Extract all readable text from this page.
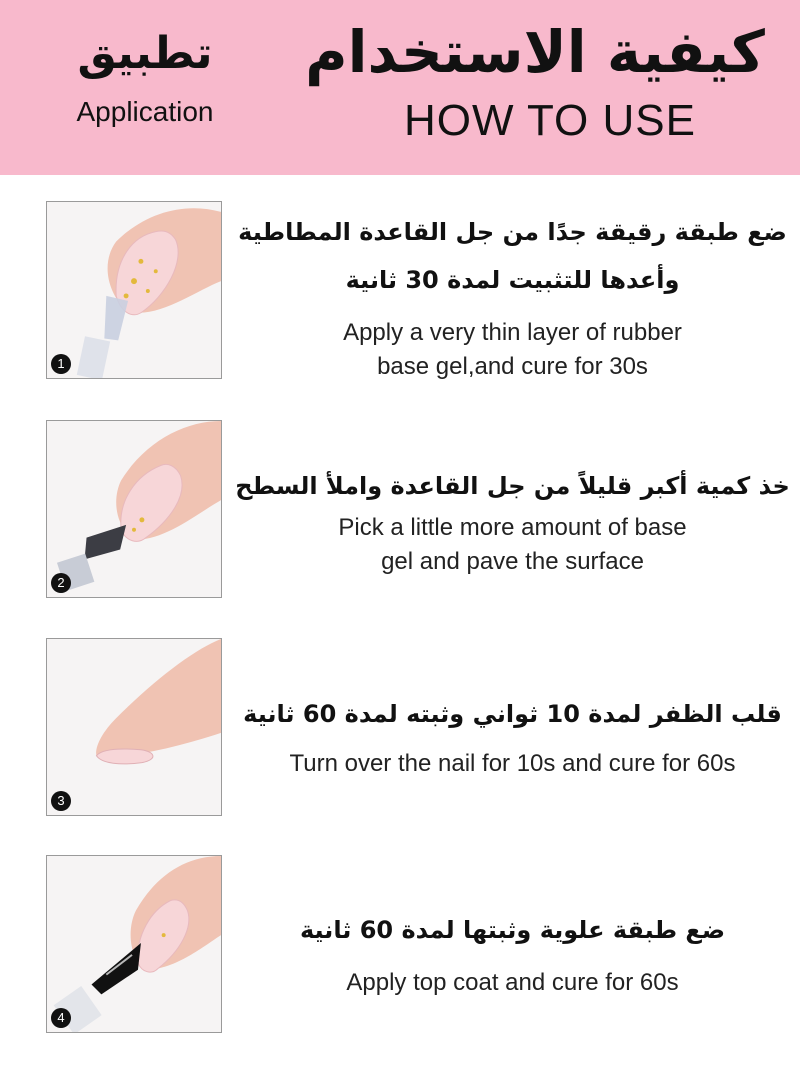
تطبيق
Application
كيفية الاستخدام
HOW TO USE
1
ضع طبقة رقيقة جدًا من جل القاعدة المطاطية
وأعدها للتثبيت لمدة 30 ثانية
Apply a very thin layer of rubber
base gel,and cure for 30s
2
خذ كمية أكبر قليلاً من جل القاعدة واملأ السطح
Pick a little more amount of base
gel and pave the surface
3
قلب الظفر لمدة 10 ثواني وثبته لمدة 60 ثانية
Turn over the nail for 10s and cure for 60s
4
ضع طبقة علوية وثبتها لمدة 60 ثانية
Apply top coat and cure for 60s
